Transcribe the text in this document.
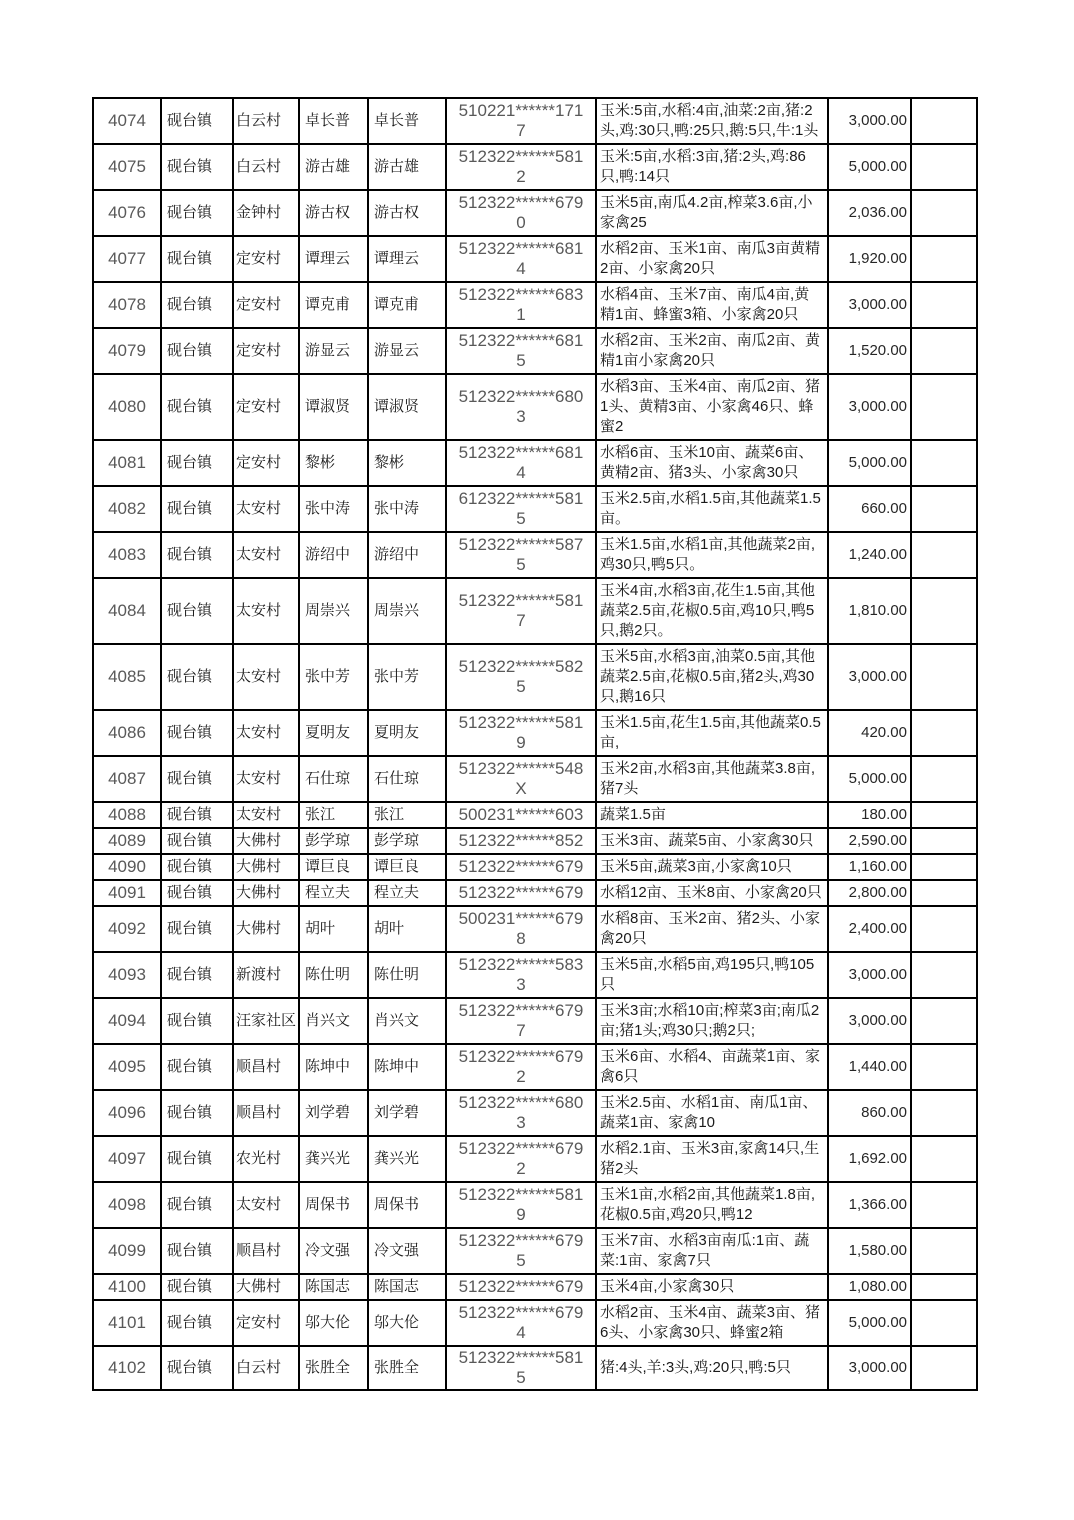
4074	砚台镇	白云村	卓长普	卓长普	510221******1717	玉米:5亩,水稻:4亩,油菜:2亩,猪:2头,鸡:30只,鸭:25只,鹅:5只,牛:1头	3,000.00	
4075	砚台镇	白云村	游古雄	游古雄	512322******5812	玉米:5亩,水稻:3亩,猪:2头,鸡:86只,鸭:14只	5,000.00	
4076	砚台镇	金钟村	游古权	游古权	512322******6790	玉米5亩,南瓜4.2亩,榨菜3.6亩,小家禽25	2,036.00	
4077	砚台镇	定安村	谭理云	谭理云	512322******6814	水稻2亩、玉米1亩、南瓜3亩黄精2亩、小家禽20只	1,920.00	
4078	砚台镇	定安村	谭克甫	谭克甫	512322******6831	水稻4亩、玉米7亩、南瓜4亩,黄精1亩、蜂蜜3箱、小家禽20只	3,000.00	
4079	砚台镇	定安村	游显云	游显云	512322******6815	水稻2亩、玉米2亩、南瓜2亩、黄精1亩小家禽20只	1,520.00	
4080	砚台镇	定安村	谭淑贤	谭淑贤	512322******6803	水稻3亩、玉米4亩、南瓜2亩、猪1头、黄精3亩、小家禽46只、蜂蜜2	3,000.00	
4081	砚台镇	定安村	黎彬	黎彬	512322******6814	水稻6亩、玉米10亩、蔬菜6亩、黄精2亩、猪3头、小家禽30只	5,000.00	
4082	砚台镇	太安村	张中涛	张中涛	612322******5815	玉米2.5亩,水稻1.5亩,其他蔬菜1.5亩。	660.00	
4083	砚台镇	太安村	游绍中	游绍中	512322******5875	玉米1.5亩,水稻1亩,其他蔬菜2亩,鸡30只,鸭5只。	1,240.00	
4084	砚台镇	太安村	周崇兴	周崇兴	512322******5817	玉米4亩,水稻3亩,花生1.5亩,其他蔬菜2.5亩,花椒0.5亩,鸡10只,鸭5只,鹅2只。	1,810.00	
4085	砚台镇	太安村	张中芳	张中芳	512322******5825	玉米5亩,水稻3亩,油菜0.5亩,其他蔬菜2.5亩,花椒0.5亩,猪2头,鸡30只,鹅16只	3,000.00	
4086	砚台镇	太安村	夏明友	夏明友	512322******5819	玉米1.5亩,花生1.5亩,其他蔬菜0.5亩,	420.00	
4087	砚台镇	太安村	石仕琼	石仕琼	512322******548X	玉米2亩,水稻3亩,其他蔬菜3.8亩,猪7头	5,000.00	
4088	砚台镇	太安村	张江	张江	500231******603	蔬菜1.5亩	180.00	
4089	砚台镇	大佛村	彭学琼	彭学琼	512322******852	玉米3亩、蔬菜5亩、小家禽30只	2,590.00	
4090	砚台镇	大佛村	谭巨良	谭巨良	512322******679	玉米5亩,蔬菜3亩,小家禽10只	1,160.00	
4091	砚台镇	大佛村	程立夫	程立夫	512322******679	水稻12亩、玉米8亩、小家禽20只	2,800.00	
4092	砚台镇	大佛村	胡叶	胡叶	500231******6798	水稻8亩、玉米2亩、猪2头、小家禽20只	2,400.00	
4093	砚台镇	新渡村	陈仕明	陈仕明	512322******5833	玉米5亩,水稻5亩,鸡195只,鸭105只	3,000.00	
4094	砚台镇	汪家社区	肖兴文	肖兴文	512322******6797	玉米3亩;水稻10亩;榨菜3亩;南瓜2亩;猪1头;鸡30只;鹅2只;	3,000.00	
4095	砚台镇	顺昌村	陈坤中	陈坤中	512322******6792	玉米6亩、水稻4、亩蔬菜1亩、家禽6只	1,440.00	
4096	砚台镇	顺昌村	刘学碧	刘学碧	512322******6803	玉米2.5亩、水稻1亩、南瓜1亩、蔬菜1亩、家禽10	860.00	
4097	砚台镇	农光村	龚兴光	龚兴光	512322******6792	水稻2.1亩、玉米3亩,家禽14只,生猪2头	1,692.00	
4098	砚台镇	太安村	周保书	周保书	512322******5819	玉米1亩,水稻2亩,其他蔬菜1.8亩,花椒0.5亩,鸡20只,鸭12	1,366.00	
4099	砚台镇	顺昌村	冷文强	冷文强	512322******6795	玉米7亩、水稻3亩南瓜:1亩、蔬菜:1亩、家禽7只	1,580.00	
4100	砚台镇	大佛村	陈国志	陈国志	512322******679	玉米4亩,小家禽30只	1,080.00	
4101	砚台镇	定安村	邬大伦	邬大伦	512322******6794	水稻2亩、玉米4亩、蔬菜3亩、猪6头、小家禽30只、蜂蜜2箱	5,000.00	
4102	砚台镇	白云村	张胜全	张胜全	512322******5815	猪:4头,羊:3头,鸡:20只,鸭:5只	3,000.00	
